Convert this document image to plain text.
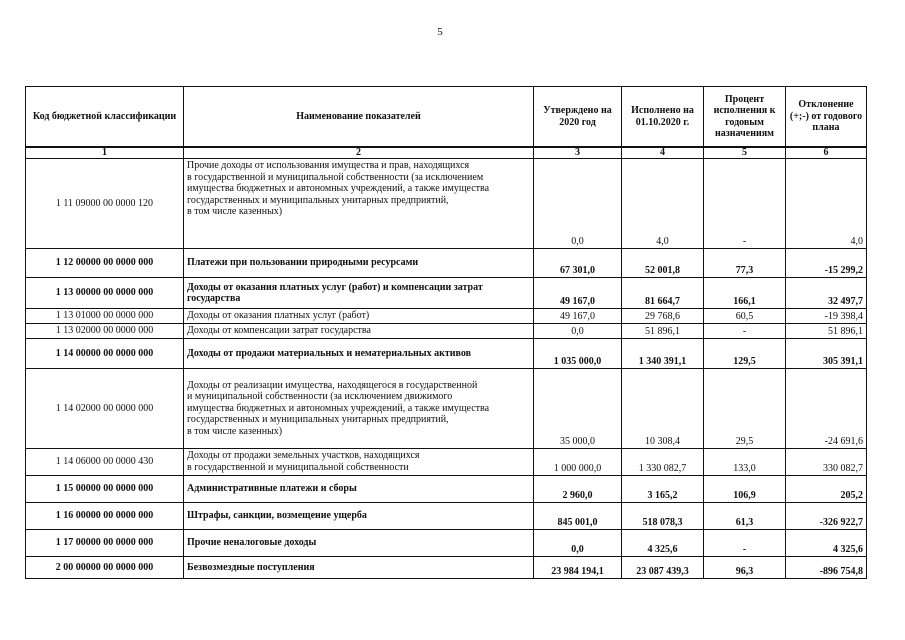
5
Код бюджетной классификации	Наименование показателей	Утверждено на 2020 год	Исполнено на 01.10.2020 г.	Процент исполнения к годовым назначениям	Отклонение (+;-) от годового плана
1	2	3	4	5	6
1 11 09000 00 0000 120	Прочие доходы от использования имущества и прав, находящихся
в государственной и муниципальной собственности (за исключением
имущества бюджетных и автономных учреждений, а также имущества
государственных и муниципальных унитарных предприятий,
в том числе казенных)	0,0	4,0	-	4,0
1 12 00000 00 0000 000	Платежи при пользовании природными ресурсами	67 301,0	52 001,8	77,3	-15 299,2
1 13 00000 00 0000 000	Доходы от оказания платных услуг (работ) и компенсации затрат
государства	49 167,0	81 664,7	166,1	32 497,7
1 13 01000 00 0000 000	Доходы от оказания платных услуг (работ)	49 167,0	29 768,6	60,5	-19 398,4
1 13 02000 00 0000 000	Доходы от компенсации затрат государства	0,0	51 896,1	-	51 896,1
1 14 00000 00 0000 000	Доходы от продажи материальных и нематериальных активов	1 035 000,0	1 340 391,1	129,5	305 391,1
1 14 02000 00 0000 000	Доходы от реализации имущества, находящегося в государственной
и муниципальной собственности (за исключением движимого
имущества бюджетных и автономных учреждений, а также имущества
государственных и муниципальных унитарных предприятий,
в том числе казенных)	35 000,0	10 308,4	29,5	-24 691,6
1 14 06000 00 0000 430	Доходы от продажи земельных участков, находящихся
в государственной и муниципальной собственности	1 000 000,0	1 330 082,7	133,0	330 082,7
1 15 00000 00 0000 000	Административные платежи и сборы	2 960,0	3 165,2	106,9	205,2
1 16 00000 00 0000 000	Штрафы, санкции, возмещение ущерба	845 001,0	518 078,3	61,3	-326 922,7
1 17 00000 00 0000 000	Прочие неналоговые доходы	0,0	4 325,6	-	4 325,6
2 00 00000 00 0000 000	Безвозмездные поступления	23 984 194,1	23 087 439,3	96,3	-896 754,8
